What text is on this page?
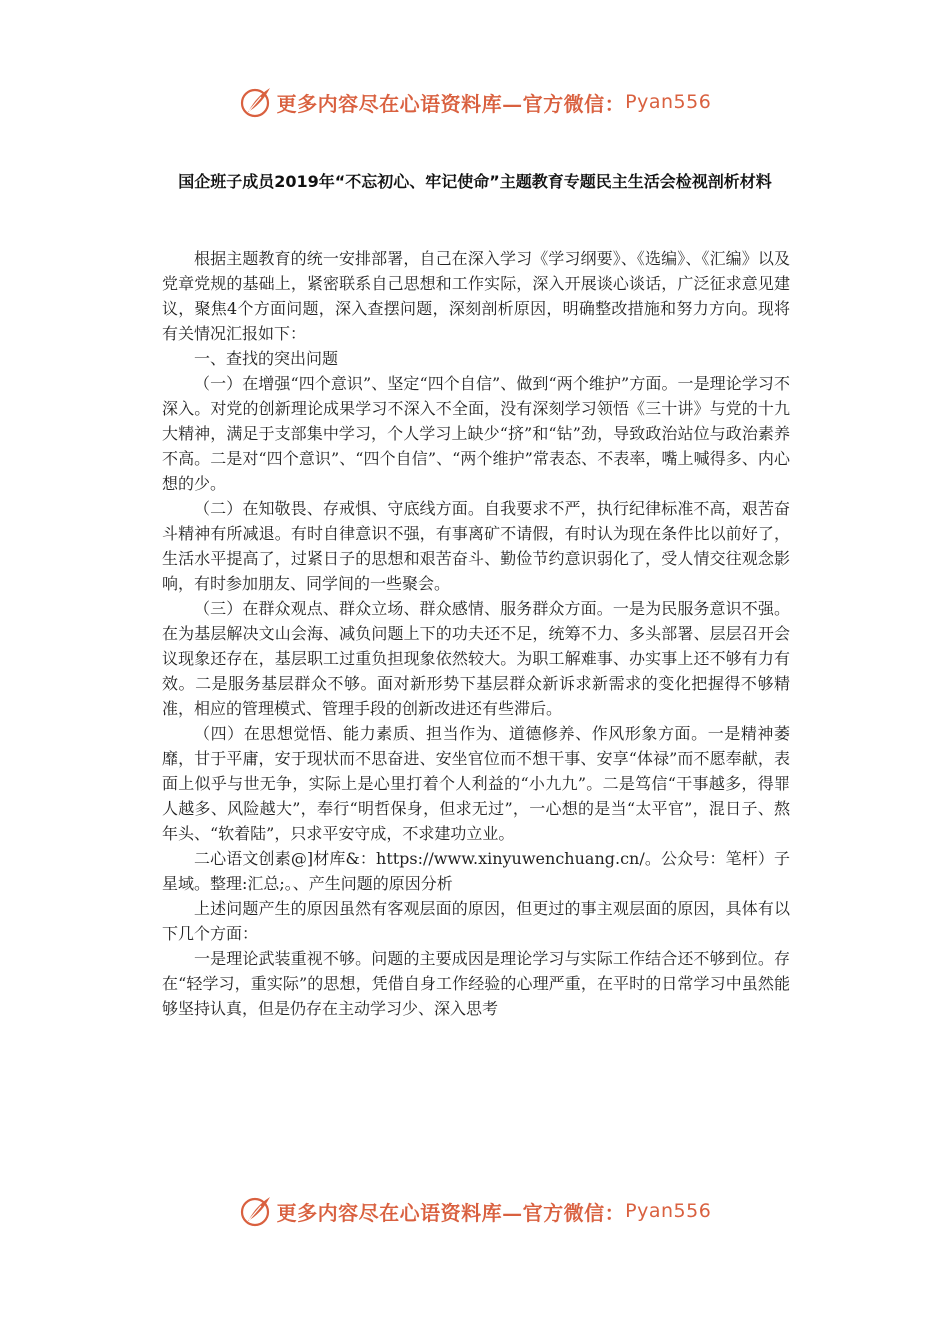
更多内容尽在心语资料库—官方微信： Pyan556
国企班子成员2019年“不忘初心、牢记使命”主题教育专题民主生活会检视剖析材料

根据主题教育的统一安排部署，自己在深入学习《学习纲要》、《选编》、《汇编》以及党章党规的基础上，紧密联系自己思想和工作实际，深入开展谈心谈话，广泛征求意见建议，聚焦4个方面问题，深入查摆问题，深刻剖析原因，明确整改措施和努力方向。现将有关情况汇报如下：

一、查找的突出问题

（一）在增强“四个意识”、坚定“四个自信”、做到“两个维护”方面。一是理论学习不深入。对党的创新理论成果学习不深入不全面，没有深刻学习领悟《三十讲》与党的十九大精神，满足于支部集中学习，个人学习上缺少“挤”和“钻”劲，导致政治站位与政治素养不高。二是对“四个意识”、“四个自信”、“两个维护”常表态、不表率，嘴上喊得多、内心想的少。

（二）在知敬畏、存戒惧、守底线方面。自我要求不严，执行纪律标准不高，艰苦奋斗精神有所减退。有时自律意识不强，有事离矿不请假，有时认为现在条件比以前好了，生活水平提高了，过紧日子的思想和艰苦奋斗、勤俭节约意识弱化了，受人情交往观念影响，有时参加朋友、同学间的一些聚会。

（三）在群众观点、群众立场、群众感情、服务群众方面。一是为民服务意识不强。在为基层解决文山会海、减负问题上下的功夫还不足，统筹不力、多头部署、层层召开会议现象还存在，基层职工过重负担现象依然较大。为职工解难事、办实事上还不够有力有效。二是服务基层群众不够。面对新形势下基层群众新诉求新需求的变化把握得不够精准，相应的管理模式、管理手段的创新改进还有些滞后。

（四）在思想觉悟、能力素质、担当作为、道德修养、作风形象方面。一是精神萎靡，甘于平庸，安于现状而不思奋进、安坐官位而不想干事、安享“体禄”而不愿奉献，表面上似乎与世无争，实际上是心里打着个人利益的“小九九”。二是笃信“干事越多，得罪人越多、风险越大”，奉行“明哲保身，但求无过”，一心想的是当“太平官”，混日子、熬年头、“软着陆”，只求平安守成，不求建功立业。

二心语文创素@]材库&：https://www.xinyuwenchuang.cn/。公众号：笔杆）子星域。整理:汇总;。、产生问题的原因分析

上述问题产生的原因虽然有客观层面的原因，但更过的事主观层面的原因，具体有以下几个方面：

一是理论武装重视不够。问题的主要成因是理论学习与实际工作结合还不够到位。存在“轻学习，重实际”的思想，凭借自身工作经验的心理严重，在平时的日常学习中虽然能够坚持认真，但是仍存在主动学习少、深入思考

更多内容尽在心语资料库—官方微信： Pyan556
